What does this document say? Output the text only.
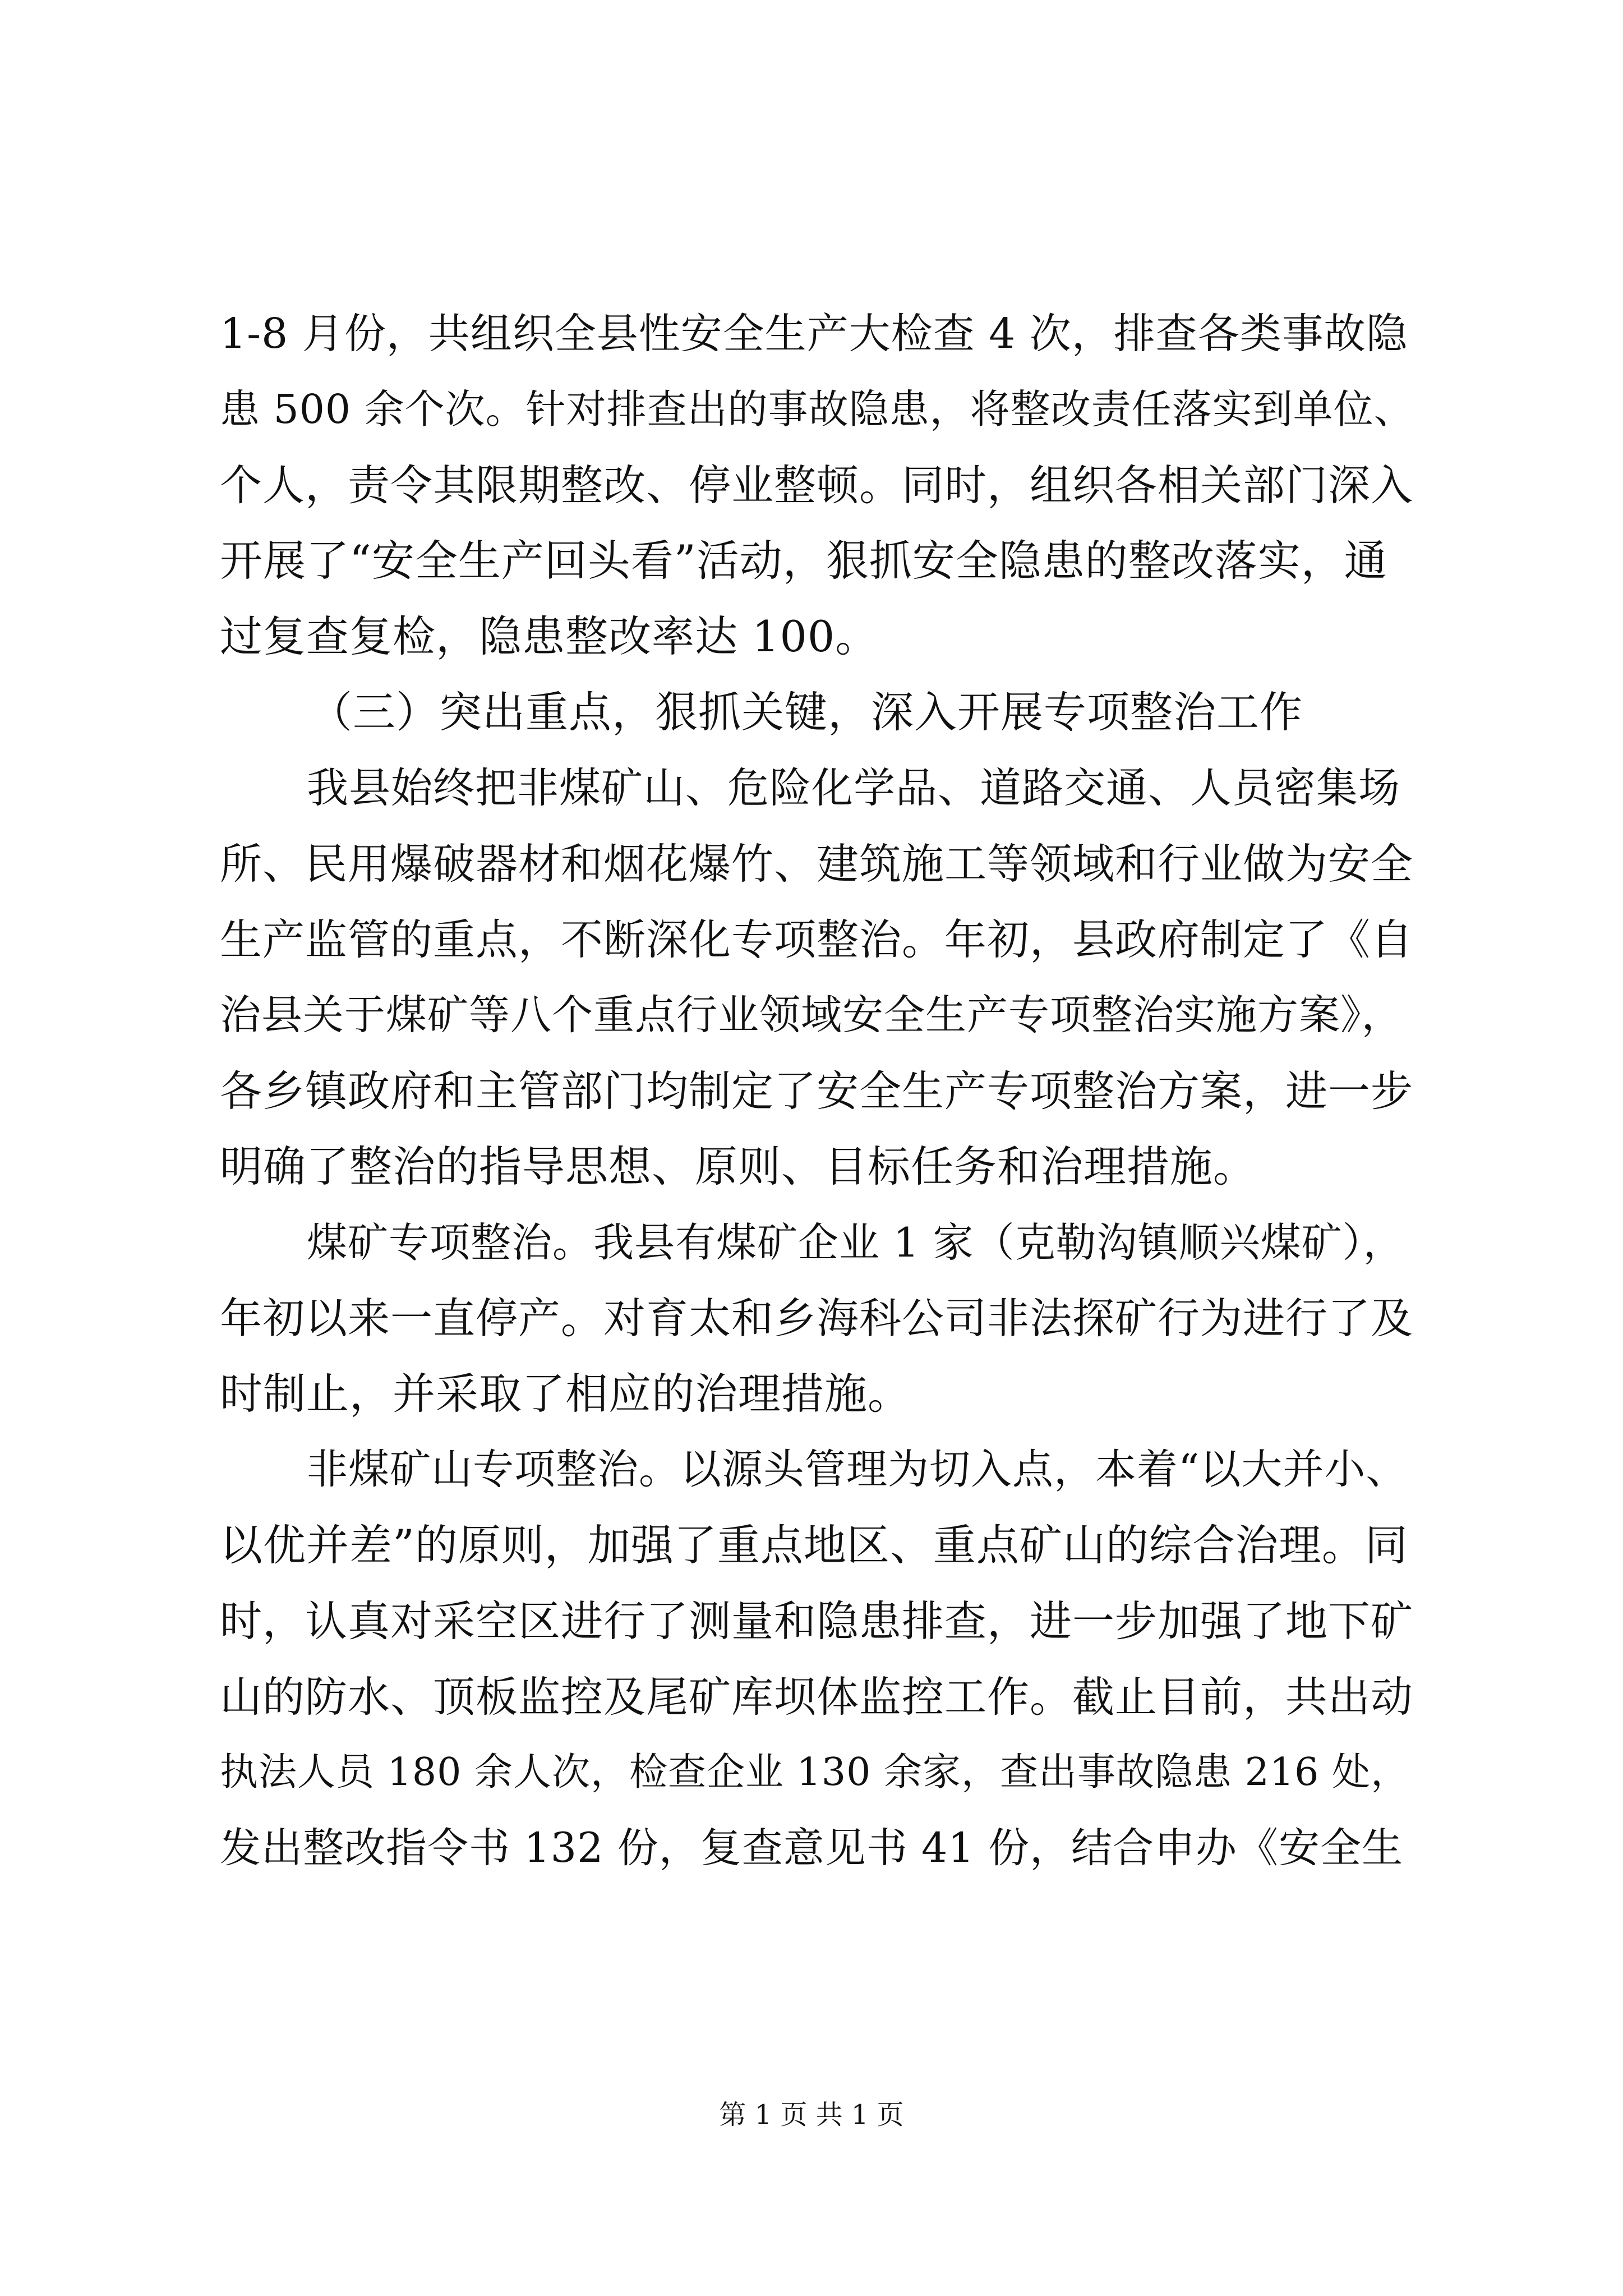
1-8 月份，共组织全县性安全生产大检查 4 次，排查各类事故隐
患 500 余个次。针对排查出的事故隐患，将整改责任落实到单位、
个人，责令其限期整改、停业整顿。同时，组织各相关部门深入
开展了“安全生产回头看”活动，狠抓安全隐患的整改落实，通
过复查复检，隐患整改率达 100。
（三）突出重点，狠抓关键，深入开展专项整治工作
我县始终把非煤矿山、危险化学品、道路交通、人员密集场
所、民用爆破器材和烟花爆竹、建筑施工等领域和行业做为安全
生产监管的重点，不断深化专项整治。年初，县政府制定了《自
治县关于煤矿等八个重点行业领域安全生产专项整治实施方案》，
各乡镇政府和主管部门均制定了安全生产专项整治方案，进一步
明确了整治的指导思想、原则、目标任务和治理措施。
煤矿专项整治。我县有煤矿企业 1 家（克勒沟镇顺兴煤矿），
年初以来一直停产。对育太和乡海科公司非法探矿行为进行了及
时制止，并采取了相应的治理措施。
非煤矿山专项整治。以源头管理为切入点，本着“以大并小、
以优并差”的原则，加强了重点地区、重点矿山的综合治理。同
时，认真对采空区进行了测量和隐患排查，进一步加强了地下矿
山的防水、顶板监控及尾矿库坝体监控工作。截止目前，共出动
执法人员 180 余人次，检查企业 130 余家，查出事故隐患 216 处，
发出整改指令书 132 份，复查意见书 41 份，结合申办《安全生
第 1 页 共 1 页
